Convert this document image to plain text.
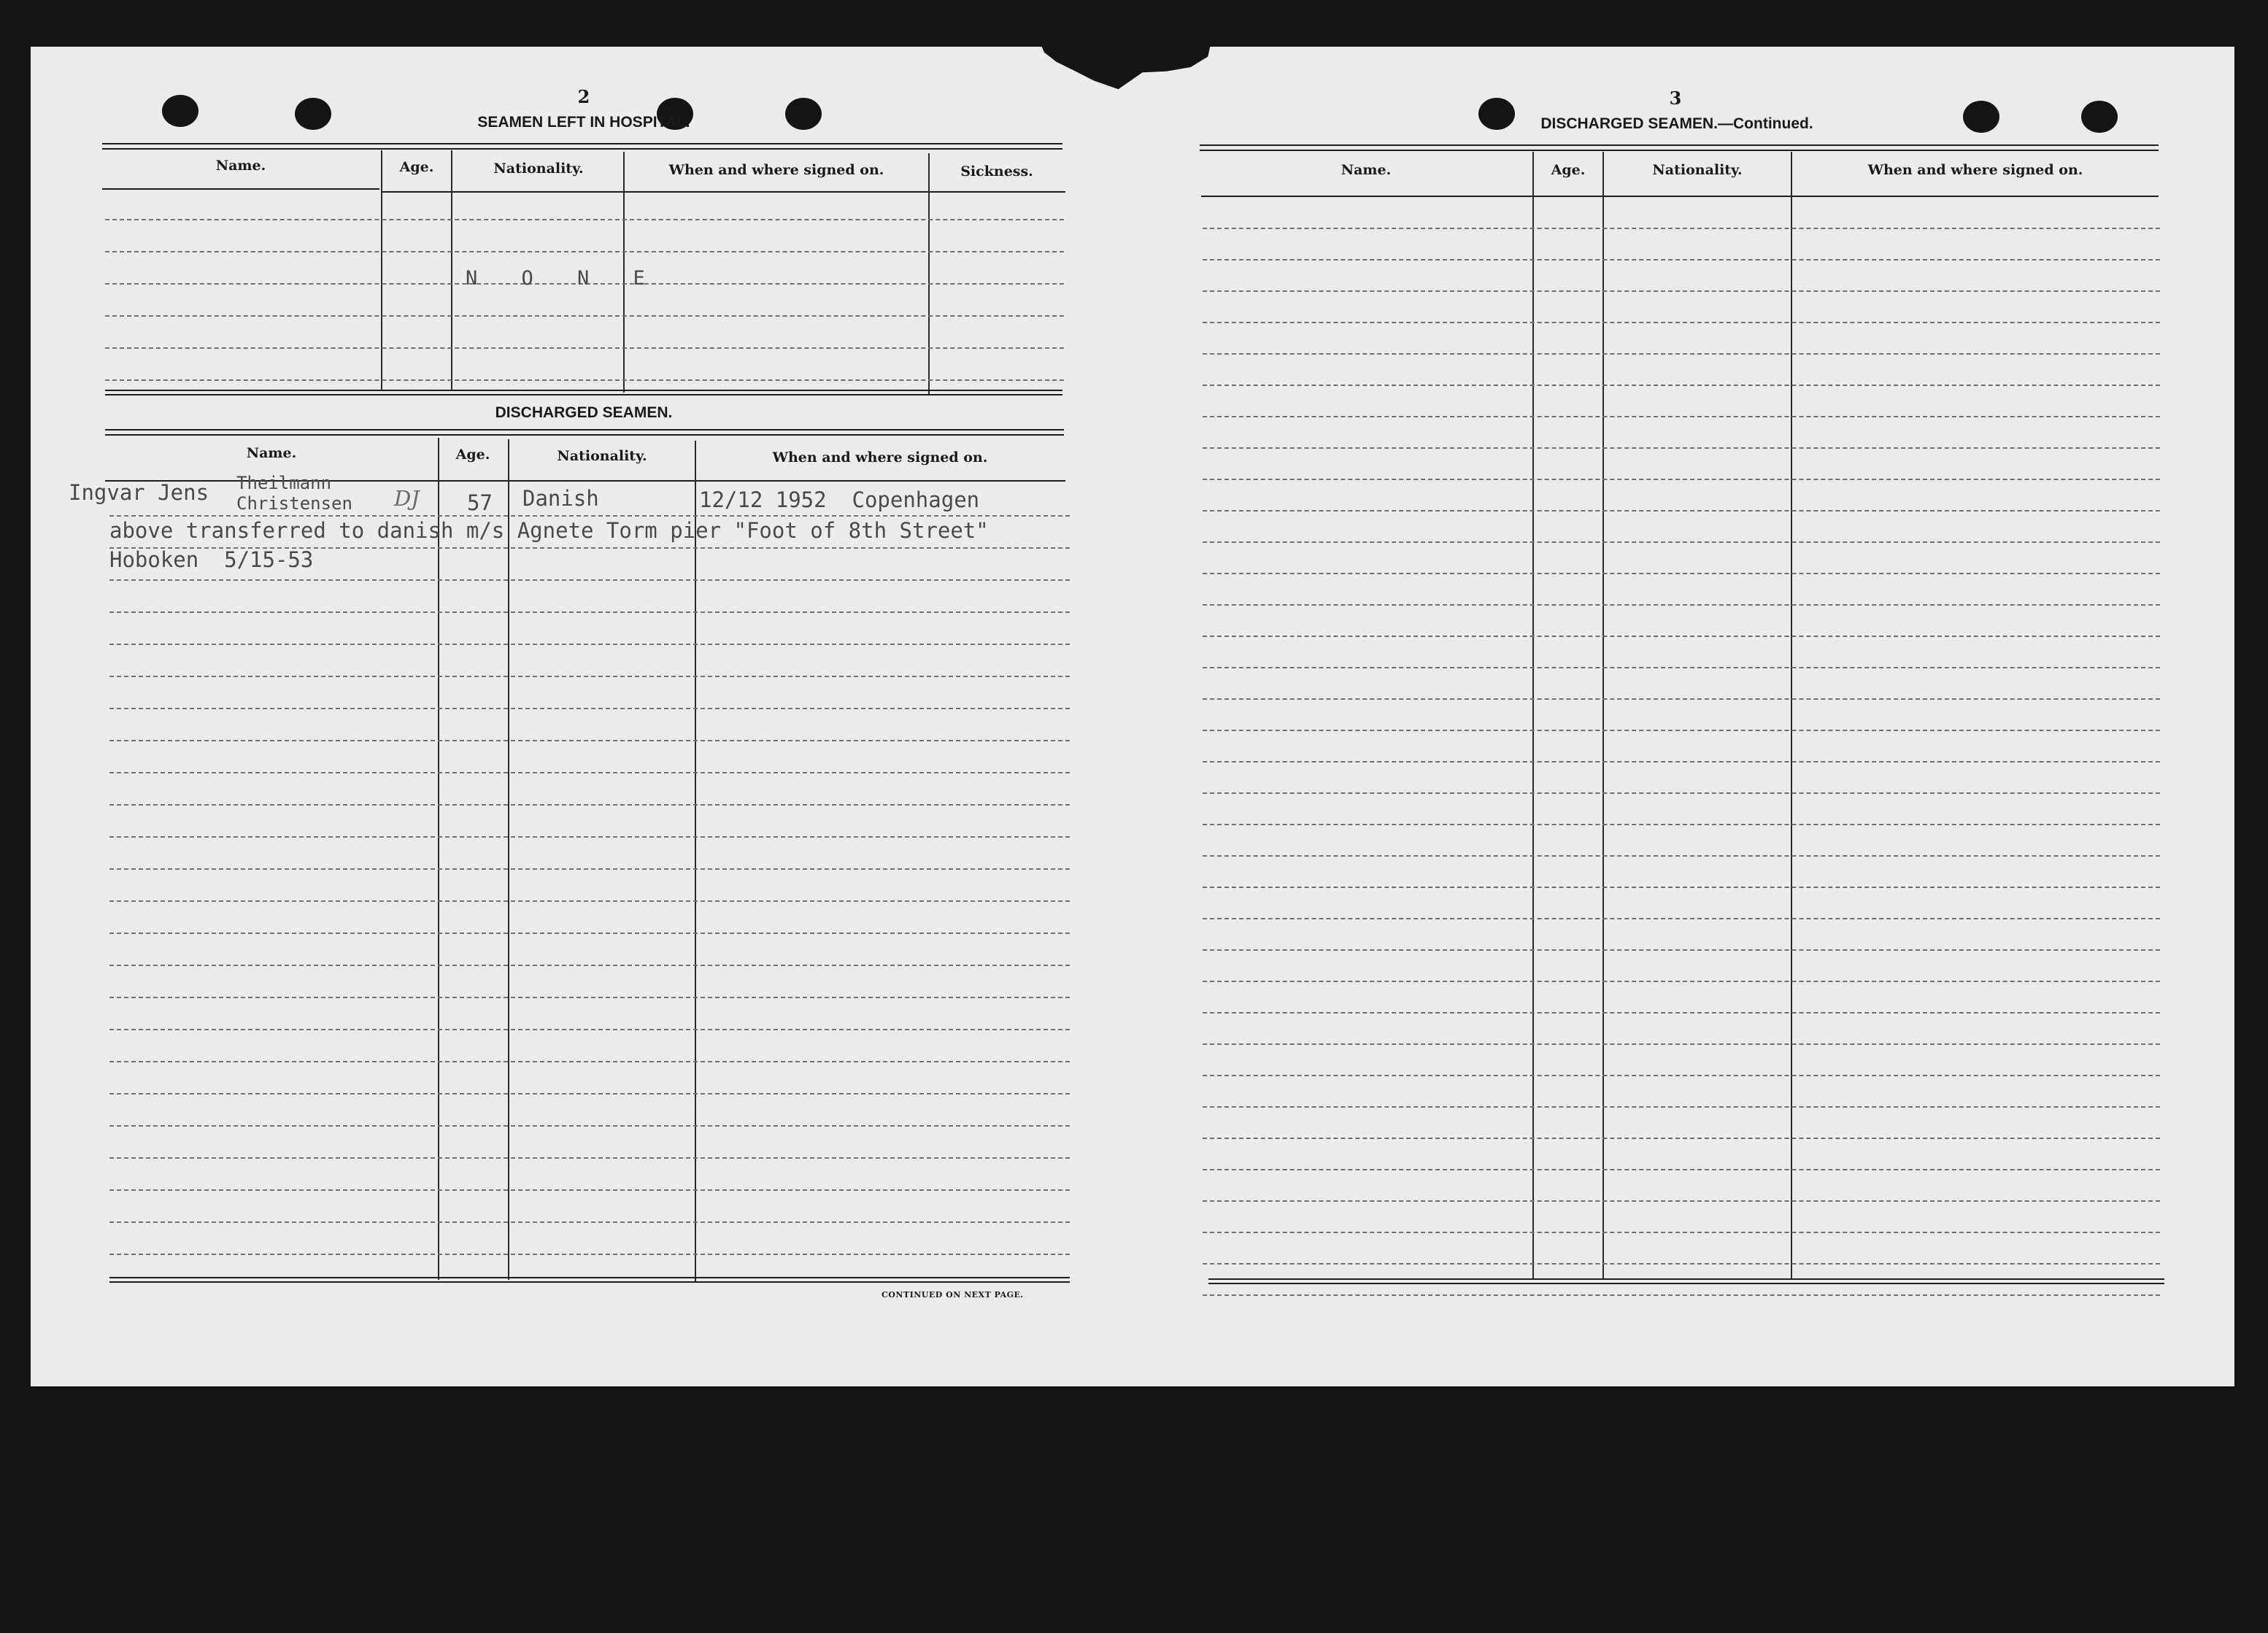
2
SEAMEN LEFT IN HOSPITAL.
Name.	Age.	Nationality.	When and where signed on.	Sickness.
N O N E
DISCHARGED SEAMEN.
Name.	Age.	Nationality.	When and where signed on.
CONTINUED ON NEXT PAGE.
Ingvar Jens Theilmann
Christensen DJ 57 Danish	12/12 1952  Copenhagen
above transferred to danish m/s Agnete Torm pier "Foot of 8th Street"
Hoboken  5/15-53
3
DISCHARGED SEAMEN.—Continued.
Name.	Age.	Nationality.	When and where signed on.
